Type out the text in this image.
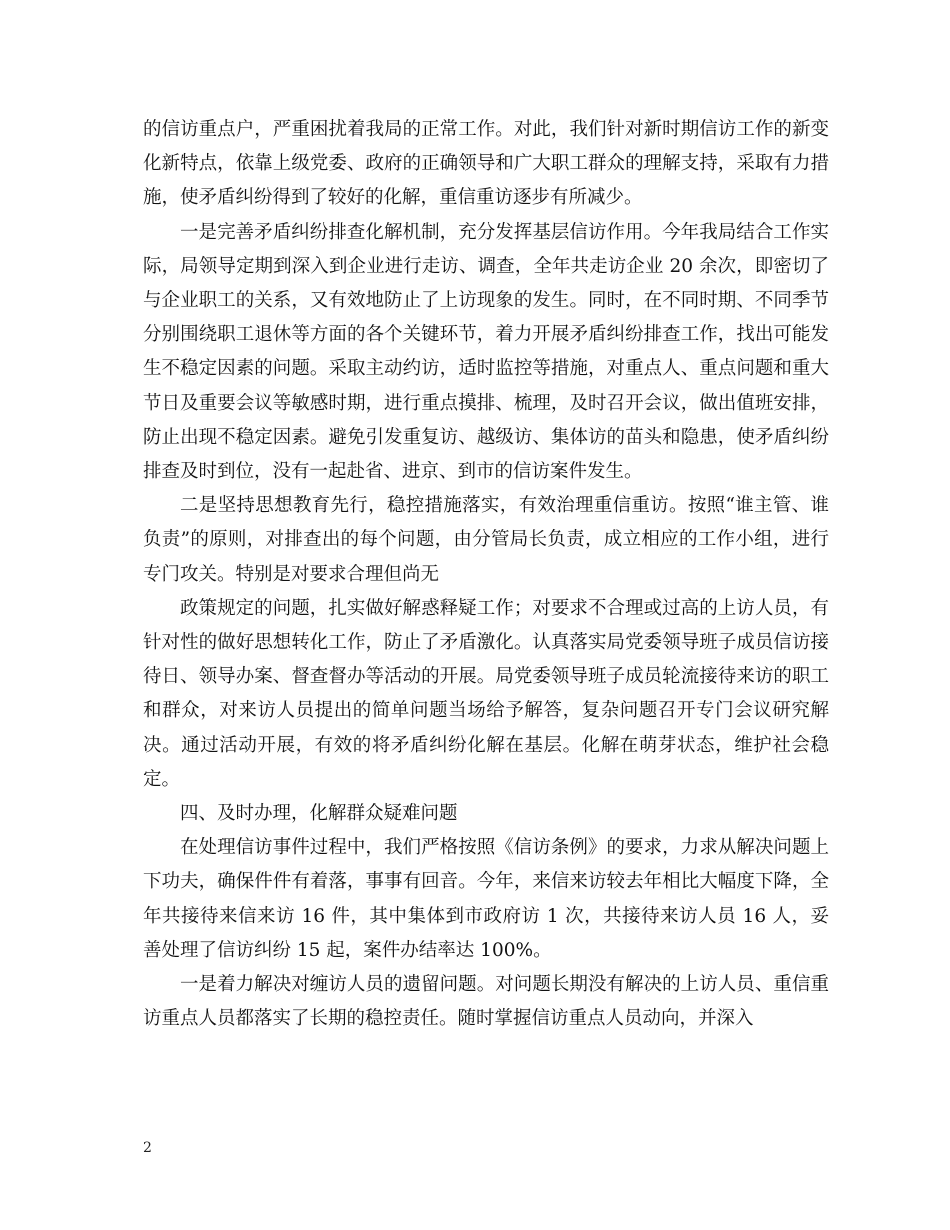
的信访重点户，严重困扰着我局的正常工作。对此，我们针对新时期信访工作的新变化新特点，依靠上级党委、政府的正确领导和广大职工群众的理解支持，采取有力措施，使矛盾纠纷得到了较好的化解，重信重访逐步有所减少。

一是完善矛盾纠纷排查化解机制，充分发挥基层信访作用。今年我局结合工作实际，局领导定期到深入到企业进行走访、调查，全年共走访企业 20 余次，即密切了与企业职工的关系，又有效地防止了上访现象的发生。同时，在不同时期、不同季节分别围绕职工退休等方面的各个关键环节，着力开展矛盾纠纷排查工作，找出可能发生不稳定因素的问题。采取主动约访，适时监控等措施，对重点人、重点问题和重大节日及重要会议等敏感时期，进行重点摸排、梳理，及时召开会议，做出值班安排，防止出现不稳定因素。避免引发重复访、越级访、集体访的苗头和隐患，使矛盾纠纷排查及时到位，没有一起赴省、进京、到市的信访案件发生。

二是坚持思想教育先行，稳控措施落实，有效治理重信重访。按照“谁主管、谁负责”的原则，对排查出的每个问题，由分管局长负责，成立相应的工作小组，进行专门攻关。特别是对要求合理但尚无

政策规定的问题，扎实做好解惑释疑工作；对要求不合理或过高的上访人员，有针对性的做好思想转化工作，防止了矛盾激化。认真落实局党委领导班子成员信访接待日、领导办案、督查督办等活动的开展。局党委领导班子成员轮流接待来访的职工和群众，对来访人员提出的简单问题当场给予解答，复杂问题召开专门会议研究解决。通过活动开展，有效的将矛盾纠纷化解在基层。化解在萌芽状态，维护社会稳定。

四、及时办理，化解群众疑难问题

在处理信访事件过程中，我们严格按照《信访条例》的要求，力求从解决问题上下功夫，确保件件有着落，事事有回音。今年，来信来访较去年相比大幅度下降，全年共接待来信来访 16 件，其中集体到市政府访 1 次，共接待来访人员 16 人，妥善处理了信访纠纷 15 起，案件办结率达 100%。

一是着力解决对缠访人员的遗留问题。对问题长期没有解决的上访人员、重信重访重点人员都落实了长期的稳控责任。随时掌握信访重点人员动向，并深入

2
